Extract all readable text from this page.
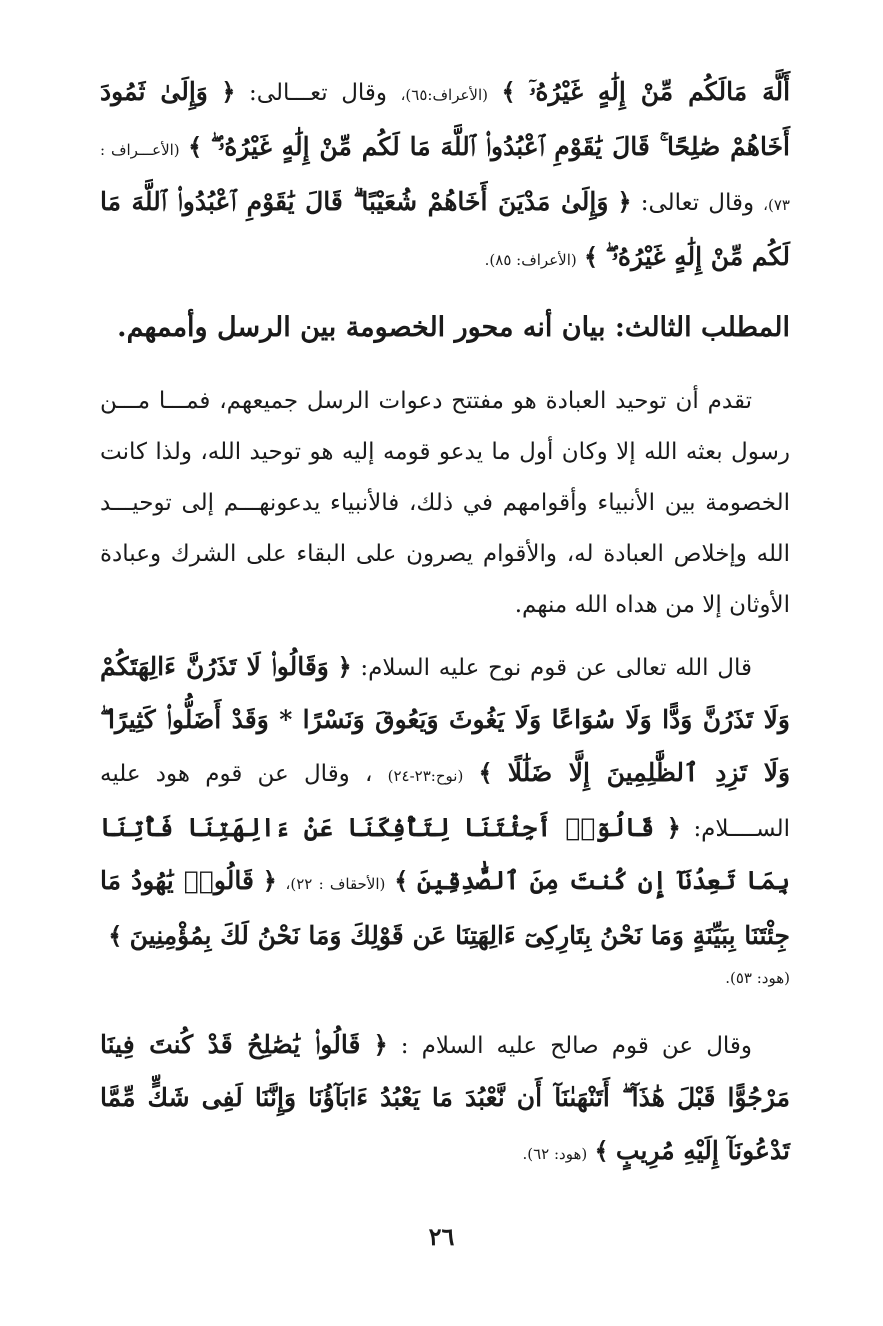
أَلَّهَ مَالَكُم مِّنْ إِلَٰهٍ غَيْرُهُۥٓ ﴾ (الأعراف:٦٥)، وقال تعـــالى: ﴿ وَإِلَىٰ ثَمُودَ أَخَاهُمْ صَٰلِحًا ۚ قَالَ يَٰقَوْمِ ٱعْبُدُوا۟ ٱللَّهَ مَا لَكُم مِّنْ إِلَٰهٍ غَيْرُهُۥ ۖ ﴾ (الأعـــراف : ٧٣)، وقال تعالى: ﴿ وَإِلَىٰ مَدْيَنَ أَخَاهُمْ شُعَيْبًا ۗ قَالَ يَٰقَوْمِ ٱعْبُدُوا۟ ٱللَّهَ مَا لَكُم مِّنْ إِلَٰهٍ غَيْرُهُۥ ۖ ﴾ (الأعراف: ٨٥).

المطلب الثالث: بيان أنه محور الخصومة بين الرسل وأممهم.

تقدم أن توحيد العبادة هو مفتتح دعوات الرسل جميعهم، فمـــا مـــن رسول بعثه الله إلا وكان أول ما يدعو قومه إليه هو توحيد الله، ولذا كانت الخصومة بين الأنبياء وأقوامهم في ذلك، فالأنبياء يدعونهـــم إلى توحيـــد الله وإخلاص العبادة له، والأقوام يصرون على البقاء على الشرك وعبادة الأوثان إلا من هداه الله منهم.

قال الله تعالى عن قوم نوح عليه السلام: ﴿ وَقَالُوا۟ لَا تَذَرُنَّ ءَالِهَتَكُمْ وَلَا تَذَرُنَّ وَدًّا وَلَا سُوَاعًا وَلَا يَغُوثَ وَيَعُوقَ وَنَسْرًا * وَقَدْ أَضَلُّوا۟ كَثِيرًا ۖ وَلَا تَزِدِ ٱلظَّٰلِمِينَ إِلَّا ضَلَٰلًا ﴾ (نوح:٢٣-٢٤) ، وقال عن قوم هود عليه الســــلام: ﴿ قَالُوٓا۟ أَجِئْتَنَا لِتَأْفِكَنَا عَنْ ءَالِهَتِنَا فَأْتِنَا بِمَا تَعِدُنَآ إِن كُنتَ مِنَ ٱلصَّٰدِقِينَ ﴾ (الأحقاف : ٢٢)، ﴿ قَالُوا۟ يَٰهُودُ مَا جِئْتَنَا بِبَيِّنَةٍ وَمَا نَحْنُ بِتَارِكِىٓ ءَالِهَتِنَا عَن قَوْلِكَ وَمَا نَحْنُ لَكَ بِمُؤْمِنِينَ ﴾

(هود: ٥٣).

وقال عن قوم صالح عليه السلام : ﴿ قَالُوا۟ يَٰصَٰلِحُ قَدْ كُنتَ فِينَا مَرْجُوًّا قَبْلَ هَٰذَآ ۖ أَتَنْهَىٰنَآ أَن نَّعْبُدَ مَا يَعْبُدُ ءَابَآؤُنَا وَإِنَّنَا لَفِى شَكٍّ مِّمَّا تَدْعُونَآ إِلَيْهِ مُرِيبٍ ﴾ (هود: ٦٢).

٢٦
